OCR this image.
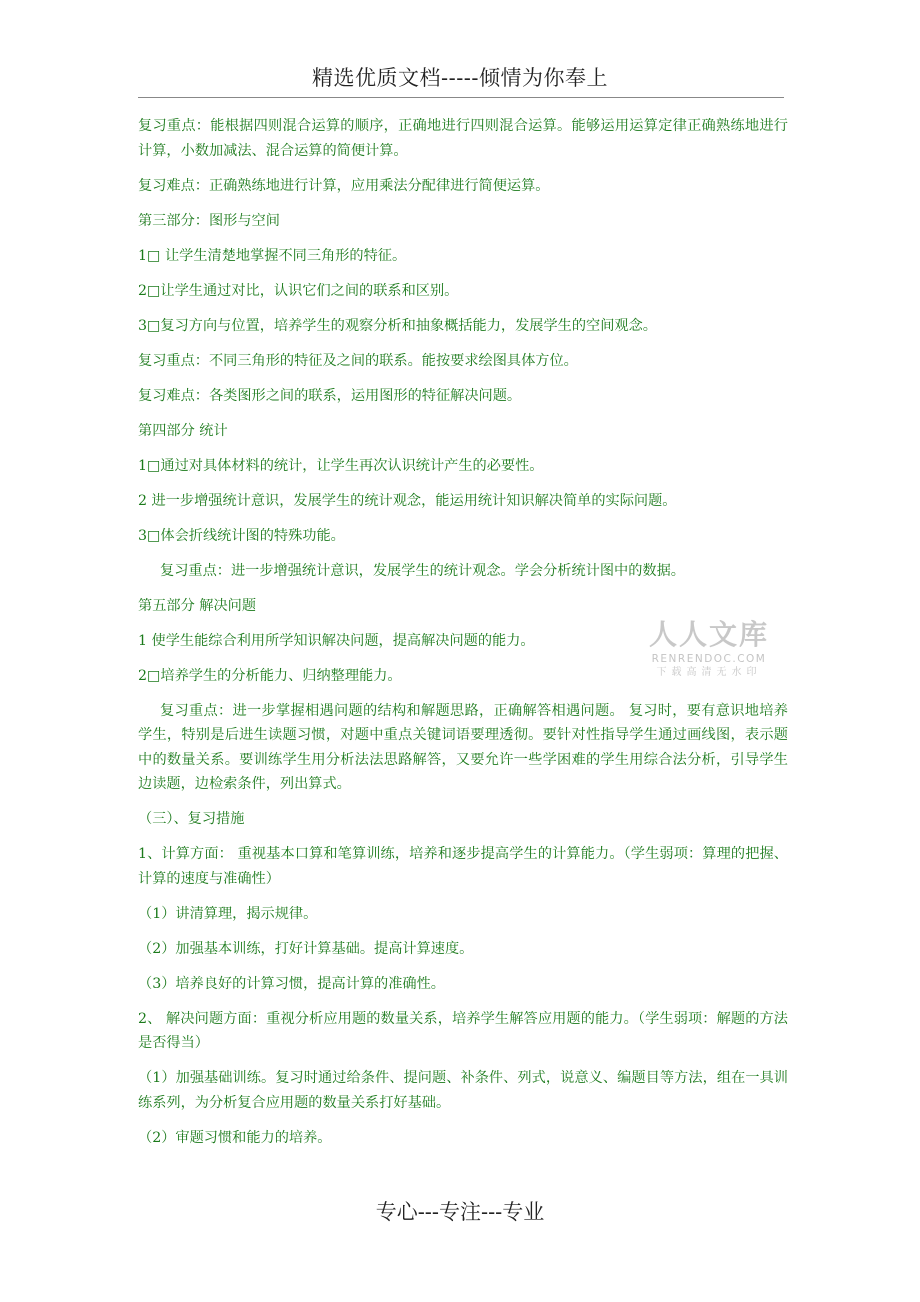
精选优质文档-----倾情为你奉上
复习重点：能根据四则混合运算的顺序，正确地进行四则混合运算。能够运用运算定律正确熟练地进行计算，小数加减法、混合运算的简便计算。
复习难点：正确熟练地进行计算，应用乘法分配律进行简便运算。
第三部分：图形与空间
1□ 让学生清楚地掌握不同三角形的特征。
2□让学生通过对比，认识它们之间的联系和区别。
3□复习方向与位置，培养学生的观察分析和抽象概括能力，发展学生的空间观念。
复习重点：不同三角形的特征及之间的联系。能按要求绘图具体方位。
复习难点：各类图形之间的联系，运用图形的特征解决问题。
第四部分 统计
1□通过对具体材料的统计，让学生再次认识统计产生的必要性。
2 进一步增强统计意识，发展学生的统计观念，能运用统计知识解决简单的实际问题。
3□体会折线统计图的特殊功能。
复习重点：进一步增强统计意识，发展学生的统计观念。学会分析统计图中的数据。
第五部分 解决问题
1 使学生能综合利用所学知识解决问题，提高解决问题的能力。
2□培养学生的分析能力、归纳整理能力。
复习重点：进一步掌握相遇问题的结构和解题思路，正确解答相遇问题。 复习时，要有意识地培养学生，特别是后进生读题习惯，对题中重点关键词语要理透彻。要针对性指导学生通过画线图，表示题中的数量关系。要训练学生用分析法法思路解答，又要允许一些学困难的学生用综合法分析，引导学生边读题，边检索条件，列出算式。
（三）、复习措施
1、计算方面： 重视基本口算和笔算训练，培养和逐步提高学生的计算能力。（学生弱项：算理的把握、计算的速度与准确性）
（1）讲清算理，揭示规律。
（2）加强基本训练，打好计算基础。提高计算速度。
（3）培养良好的计算习惯，提高计算的准确性。
2、 解决问题方面：重视分析应用题的数量关系，培养学生解答应用题的能力。（学生弱项：解题的方法是否得当）
（1）加强基础训练。复习时通过给条件、提问题、补条件、列式，说意义、编题目等方法，组在一具训练系列，为分析复合应用题的数量关系打好基础。
（2）审题习惯和能力的培养。
人人文库
RENRENDOC.COM
下载高清无水印
专心---专注---专业
